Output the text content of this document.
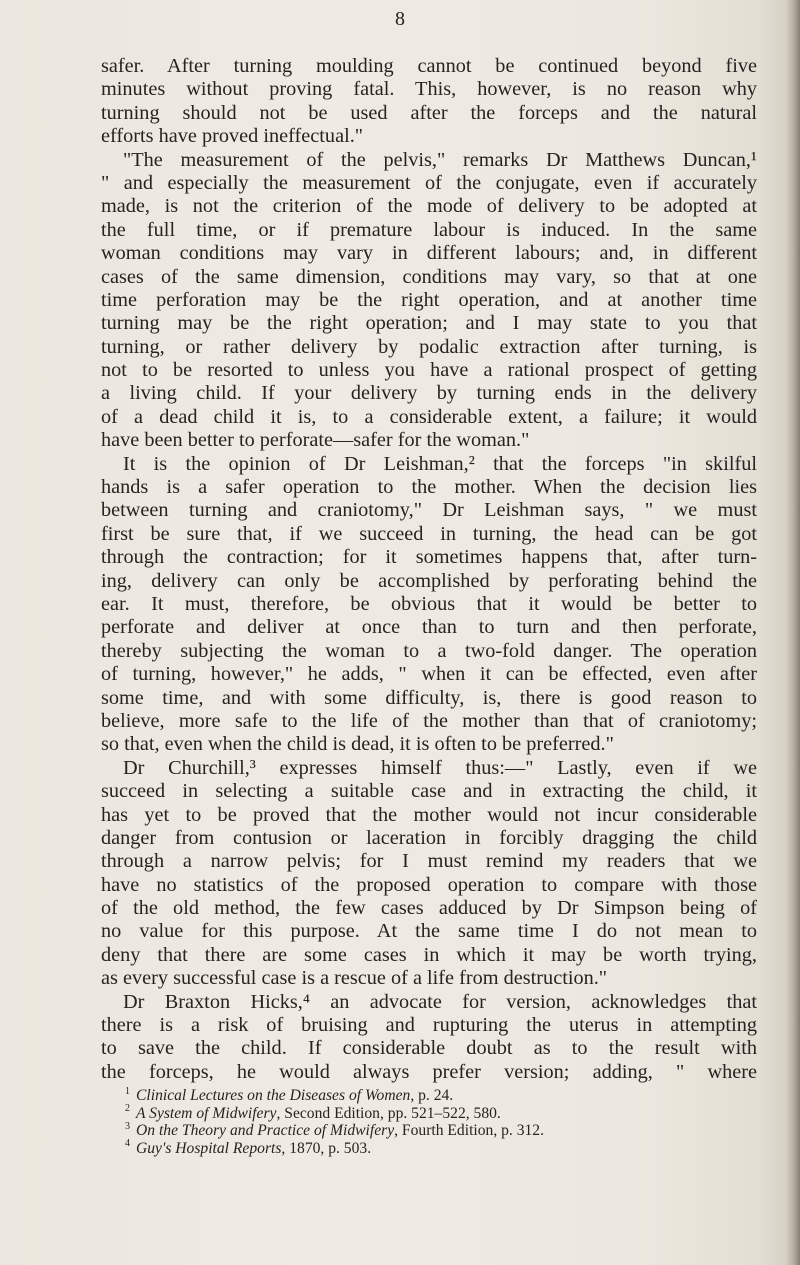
8
safer. After turning moulding cannot be continued beyond five
minutes without proving fatal. This, however, is no reason why
turning should not be used after the forceps and the natural
efforts have proved ineffectual."
"The measurement of the pelvis," remarks Dr Matthews Duncan,¹
" and especially the measurement of the conjugate, even if accurately
made, is not the criterion of the mode of delivery to be adopted at
the full time, or if premature labour is induced. In the same
woman conditions may vary in different labours; and, in different
cases of the same dimension, conditions may vary, so that at one
time perforation may be the right operation, and at another time
turning may be the right operation; and I may state to you that
turning, or rather delivery by podalic extraction after turning, is
not to be resorted to unless you have a rational prospect of getting
a living child. If your delivery by turning ends in the delivery
of a dead child it is, to a considerable extent, a failure; it would
have been better to perforate—safer for the woman."
It is the opinion of Dr Leishman,² that the forceps "in skilful
hands is a safer operation to the mother. When the decision lies
between turning and craniotomy," Dr Leishman says, " we must
first be sure that, if we succeed in turning, the head can be got
through the contraction; for it sometimes happens that, after turn-
ing, delivery can only be accomplished by perforating behind the
ear. It must, therefore, be obvious that it would be better to
perforate and deliver at once than to turn and then perforate,
thereby subjecting the woman to a two-fold danger. The operation
of turning, however," he adds, " when it can be effected, even after
some time, and with some difficulty, is, there is good reason to
believe, more safe to the life of the mother than that of craniotomy;
so that, even when the child is dead, it is often to be preferred."
Dr Churchill,³ expresses himself thus:—" Lastly, even if we
succeed in selecting a suitable case and in extracting the child, it
has yet to be proved that the mother would not incur considerable
danger from contusion or laceration in forcibly dragging the child
through a narrow pelvis; for I must remind my readers that we
have no statistics of the proposed operation to compare with those
of the old method, the few cases adduced by Dr Simpson being of
no value for this purpose. At the same time I do not mean to
deny that there are some cases in which it may be worth trying,
as every successful case is a rescue of a life from destruction."
Dr Braxton Hicks,⁴ an advocate for version, acknowledges that
there is a risk of bruising and rupturing the uterus in attempting
to save the child. If considerable doubt as to the result with
the forceps, he would always prefer version; adding, " where
$^1$ Clinical Lectures on the Diseases of Women, p. 24.
$^2$ A System of Midwifery, Second Edition, pp. 521–522, 580.
$^3$ On the Theory and Practice of Midwifery, Fourth Edition, p. 312.
$^4$ Guy's Hospital Reports, 1870, p. 503.
